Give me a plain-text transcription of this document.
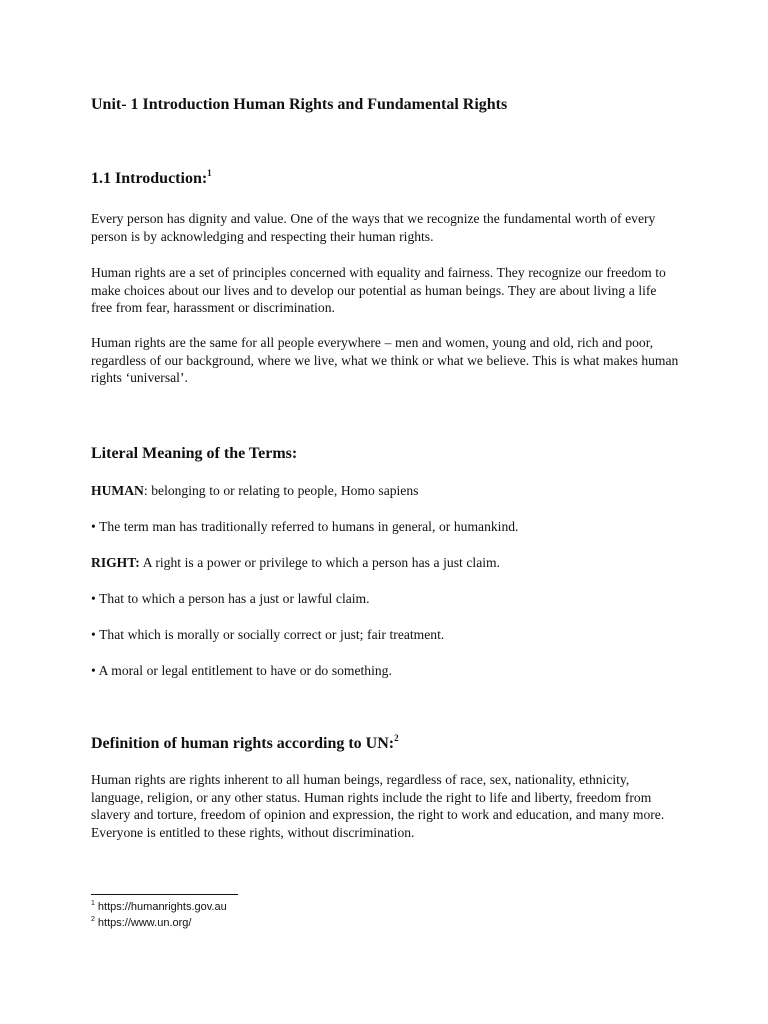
Unit- 1 Introduction Human Rights and Fundamental Rights

1.1 Introduction:$^1$

Every person has dignity and value. One of the ways that we recognize the fundamental worth of every person is by acknowledging and respecting their human rights.

Human rights are a set of principles concerned with equality and fairness. They recognize our freedom to make choices about our lives and to develop our potential as human beings. They are about living a life free from fear, harassment or discrimination.

Human rights are the same for all people everywhere – men and women, young and old, rich and poor, regardless of our background, where we live, what we think or what we believe. This is what makes human rights ‘universal’.

Literal Meaning of the Terms:

HUMAN: belonging to or relating to people, Homo sapiens

• The term man has traditionally referred to humans in general, or humankind.

RIGHT: A right is a power or privilege to which a person has a just claim.

• That to which a person has a just or lawful claim.

• That which is morally or socially correct or just; fair treatment.

• A moral or legal entitlement to have or do something.

Definition of human rights according to UN:$^2$

Human rights are rights inherent to all human beings, regardless of race, sex, nationality, ethnicity, language, religion, or any other status. Human rights include the right to life and liberty, freedom from slavery and torture, freedom of opinion and expression, the right to work and education, and many more. Everyone is entitled to these rights, without discrimination.

$^1$ https://humanrights.gov.au
$^2$ https://www.un.org/
